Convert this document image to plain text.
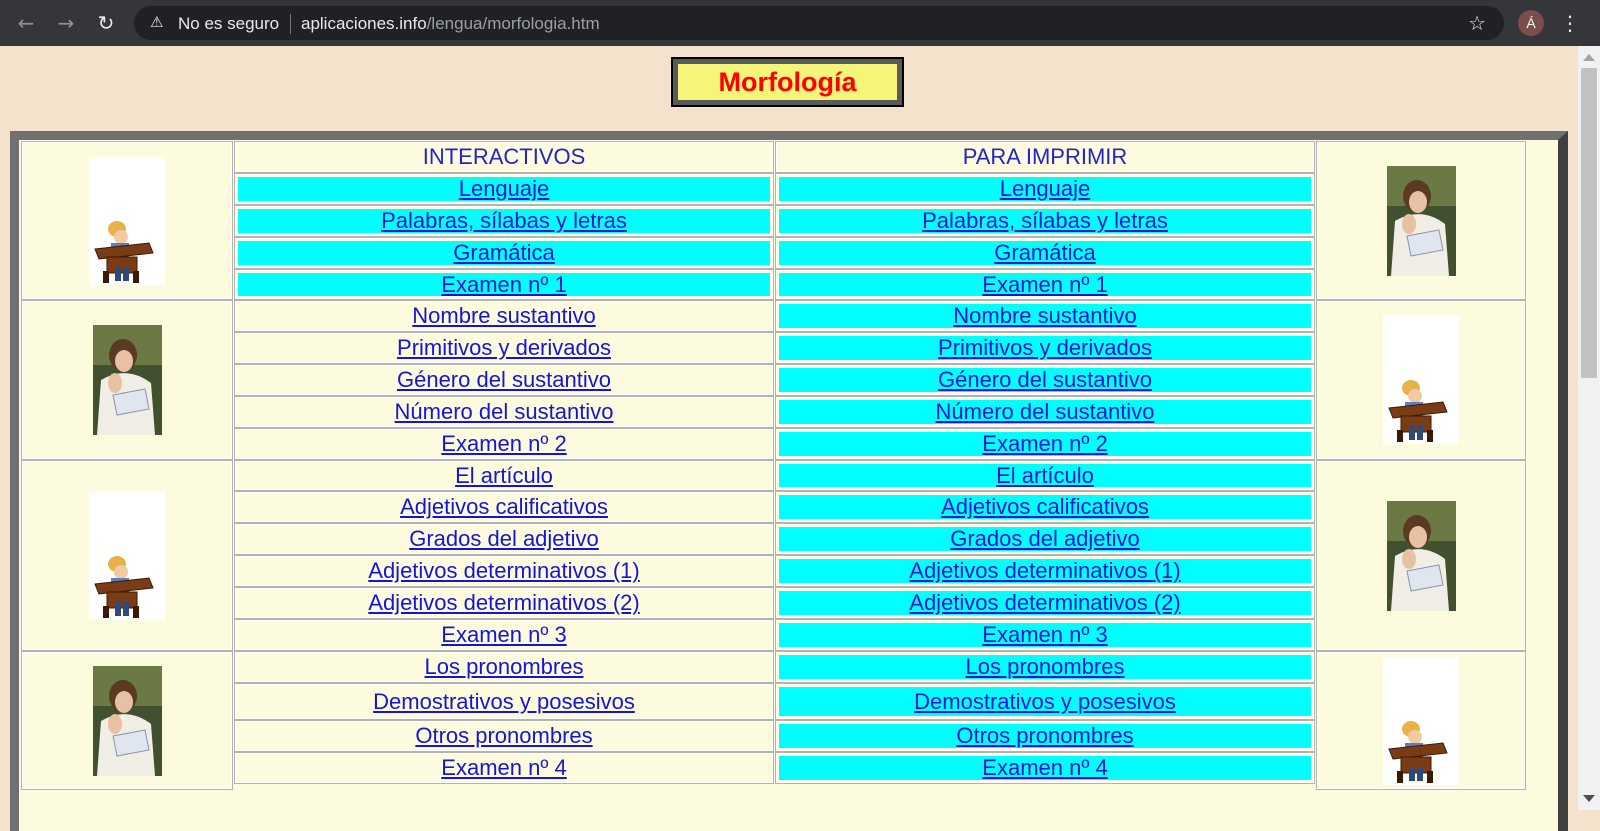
← → ↻	⚠ No es seguro aplicaciones.info/lengua/morfologia.htm	☆	Á	⋮
Morfología
INTERACTIVOS	PARA IMPRIMIR
Lenguaje	Lenguaje
Palabras, sílabas y letras	Palabras, sílabas y letras
Gramática	Gramática
Examen nº 1	Examen nº 1
Nombre sustantivo	Nombre sustantivo
Primitivos y derivados	Primitivos y derivados
Género del sustantivo	Género del sustantivo
Número del sustantivo	Número del sustantivo
Examen nº 2	Examen nº 2
El artículo	El artículo
Adjetivos calificativos	Adjetivos calificativos
Grados del adjetivo	Grados del adjetivo
Adjetivos determinativos (1)	Adjetivos determinativos (1)
Adjetivos determinativos (2)	Adjetivos determinativos (2)
Examen nº 3	Examen nº 3
Los pronombres	Los pronombres
Demostrativos y posesivos	Demostrativos y posesivos
Otros pronombres	Otros pronombres
Examen nº 4	Examen nº 4
